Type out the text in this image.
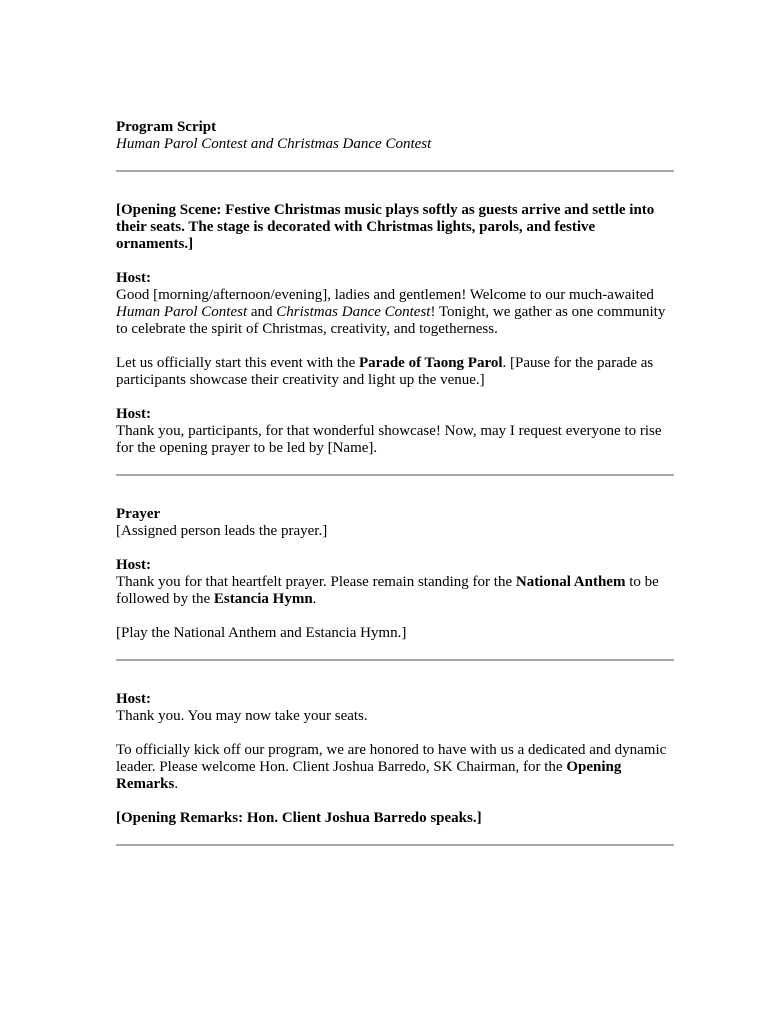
Program Script

Human Parol Contest and Christmas Dance Contest

[Opening Scene: Festive Christmas music plays softly as guests arrive and settle into their seats. The stage is decorated with Christmas lights, parols, and festive ornaments.]

Host:

Good [morning/afternoon/evening], ladies and gentlemen! Welcome to our much-awaited Human Parol Contest and Christmas Dance Contest! Tonight, we gather as one community to celebrate the spirit of Christmas, creativity, and togetherness.

Let us officially start this event with the Parade of Taong Parol. [Pause for the parade as participants showcase their creativity and light up the venue.]

Host:

Thank you, participants, for that wonderful showcase! Now, may I request everyone to rise for the opening prayer to be led by [Name].

Prayer

[Assigned person leads the prayer.]

Host:

Thank you for that heartfelt prayer. Please remain standing for the National Anthem to be followed by the Estancia Hymn.

[Play the National Anthem and Estancia Hymn.]

Host:

Thank you. You may now take your seats.

To officially kick off our program, we are honored to have with us a dedicated and dynamic leader. Please welcome Hon. Client Joshua Barredo, SK Chairman, for the Opening Remarks.

[Opening Remarks: Hon. Client Joshua Barredo speaks.]
